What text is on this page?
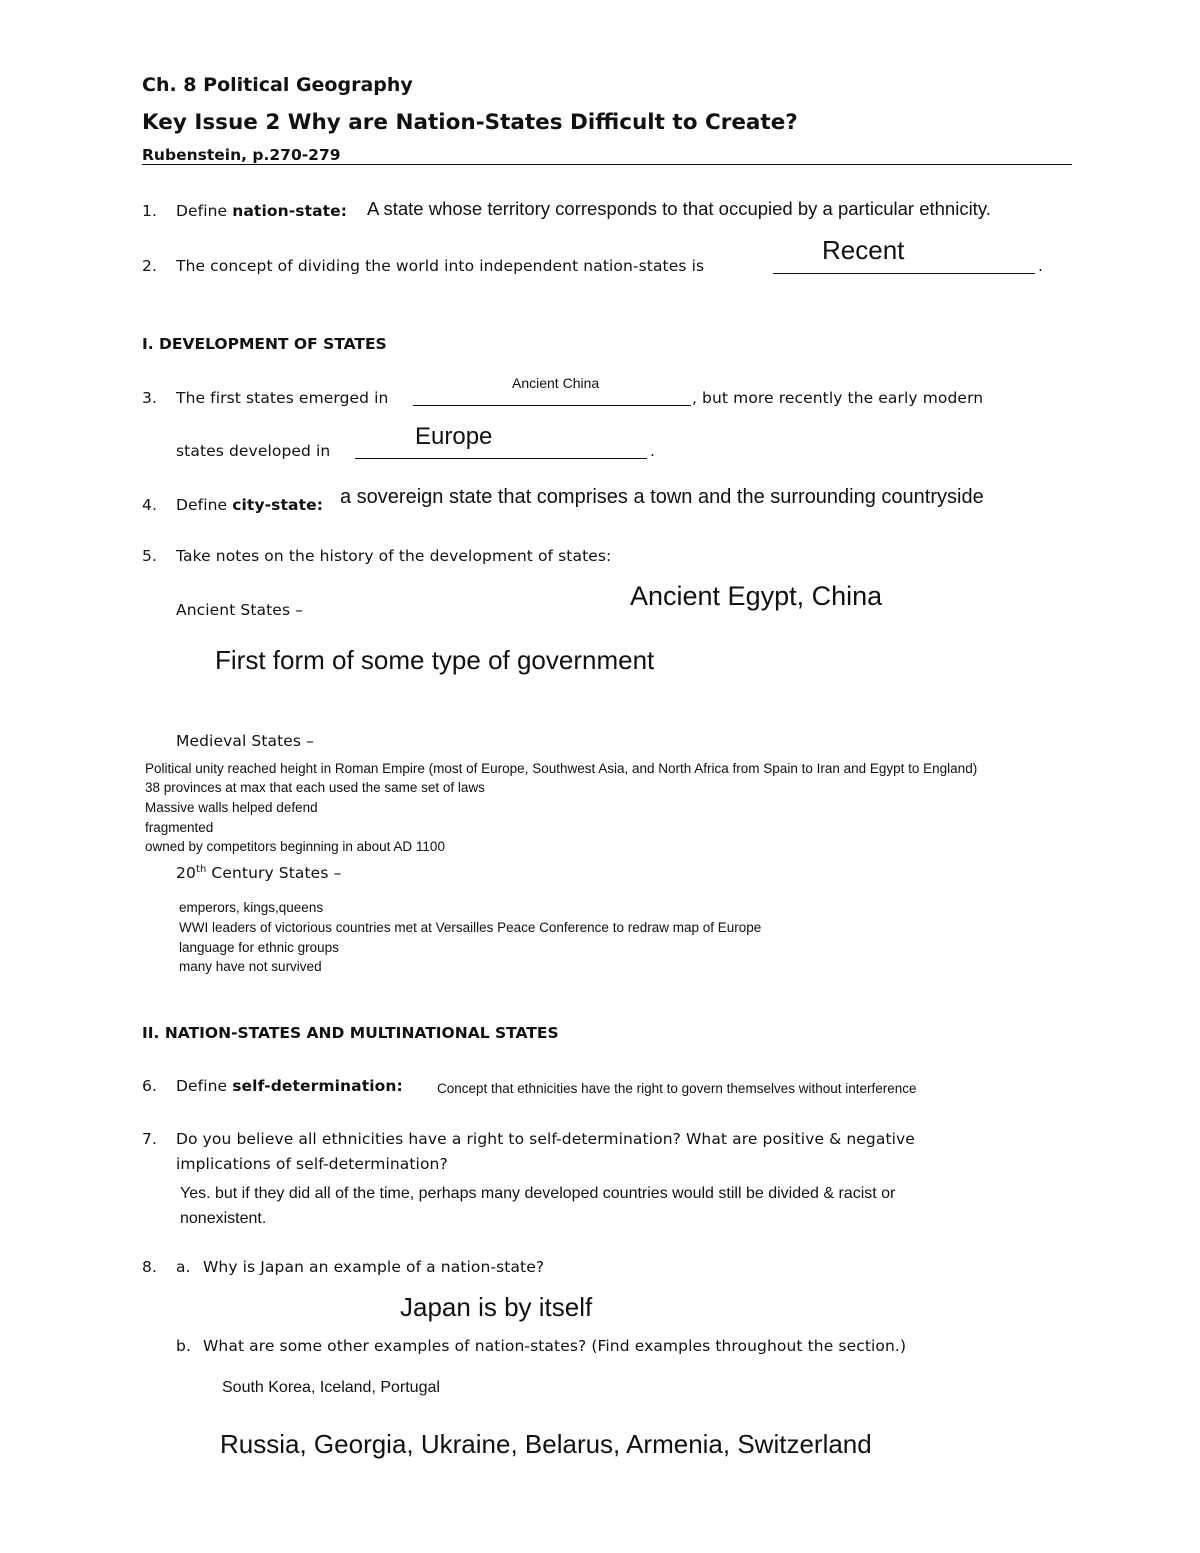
Ch. 8 Political Geography
Key Issue 2 Why are Nation-States Difficult to Create?
Rubenstein, p.270-279
1. Define nation-state: A state whose territory corresponds to that occupied by a particular ethnicity.
2. The concept of dividing the world into independent nation-states is	.
Recent
I. DEVELOPMENT OF STATES
3. The first states emerged in	, but more recently the early modern
Ancient China
states developed in	.
Europe
4. Define city-state: a sovereign state that comprises a town and the surrounding countryside
5. Take notes on the history of the development of states:
Ancient States –	Ancient Egypt, China
First form of some type of government
Medieval States –
Political unity reached height in Roman Empire (most of Europe, Southwest Asia, and North Africa from Spain to Iran and Egypt to England)
38 provinces at max that each used the same set of laws
Massive walls helped defend
fragmented
owned by competitors beginning in about AD 1100
20th Century States –
emperors, kings,queens
WWI leaders of victorious countries met at Versailles Peace Conference to redraw map of Europe
language for ethnic groups
many have not survived
II. NATION-STATES AND MULTINATIONAL STATES
6. Define self-determination:	Concept that ethnicities have the right to govern themselves without interference
7. Do you believe all ethnicities have a right to self-determination? What are positive & negative
implications of self-determination?
Yes. but if they did all of the time, perhaps many developed countries would still be divided & racist or
nonexistent.
8. a. Why is Japan an example of a nation-state?
Japan is by itself
b. What are some other examples of nation-states? (Find examples throughout the section.)
South Korea, Iceland, Portugal
Russia, Georgia, Ukraine, Belarus, Armenia, Switzerland
